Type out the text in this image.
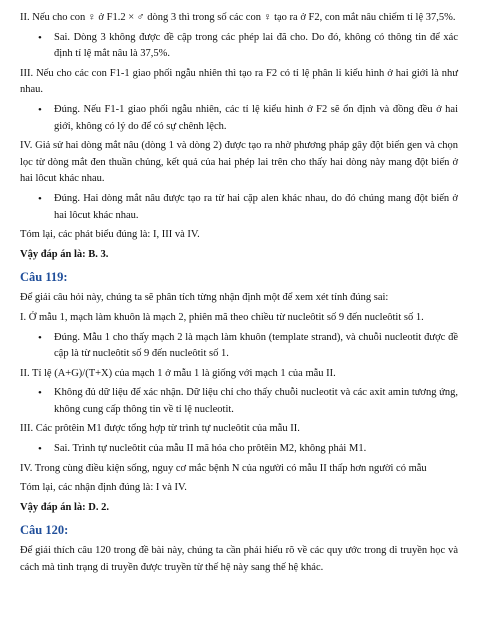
II. Nếu cho con ♀ ở F1.2 × ♂ dòng 3 thì trong số các con ♀ tạo ra ở F2, con mắt nâu chiếm tỉ lệ 37,5%.

• Sai. Dòng 3 không được đề cập trong các phép lai đã cho. Do đó, không có thông tin để xác định tỉ lệ mắt nâu là 37,5%.

III. Nếu cho các con F1-1 giao phối ngẫu nhiên thì tạo ra F2 có tỉ lệ phân li kiểu hình ở hai giới là như nhau.

• Đúng. Nếu F1-1 giao phối ngẫu nhiên, các tỉ lệ kiểu hình ở F2 sẽ ổn định và đồng đều ở hai giới, không có lý do để có sự chênh lệch.

IV. Giả sử hai dòng mắt nâu (dòng 1 và dòng 2) được tạo ra nhờ phương pháp gây đột biến gen và chọn lọc từ dòng mắt đen thuần chủng, kết quả của hai phép lai trên cho thấy hai dòng này mang đột biến ở hai lôcut khác nhau.

• Đúng. Hai dòng mắt nâu được tạo ra từ hai cặp alen khác nhau, do đó chúng mang đột biến ở hai lôcut khác nhau.

Tóm lại, các phát biểu đúng là: I, III và IV.

Vậy đáp án là: B. 3.

Câu 119:

Để giải câu hỏi này, chúng ta sẽ phân tích từng nhận định một để xem xét tính đúng sai:

I. Ở mẫu 1, mạch làm khuôn là mạch 2, phiên mã theo chiều từ nucleôtit số 9 đến nucleôtit số 1.

• Đúng. Mẫu 1 cho thấy mạch 2 là mạch làm khuôn (template strand), và chuỗi nucleotit được đề cập là từ nucleôtit số 9 đến nucleôtit số 1.

II. Tỉ lệ (A+G)/(T+X) của mạch 1 ở mẫu 1 là giống với mạch 1 của mẫu II.

• Không đủ dữ liệu để xác nhận. Dữ liệu chỉ cho thấy chuỗi nucleotit và các axit amin tương ứng, không cung cấp thông tin về tỉ lệ nucleotit.

III. Các prôtêin M1 được tổng hợp từ trình tự nucleôtit của mẫu II.

• Sai. Trình tự nucleôtit của mẫu II mã hóa cho prôtêin M2, không phải M1.

IV. Trong cùng điều kiện sống, nguy cơ mắc bệnh N của người có mẫu II thấp hơn người có mẫu

Tóm lại, các nhận định đúng là: I và IV.

Vậy đáp án là: D. 2.

Câu 120:

Để giải thích câu 120 trong đề bài này, chúng ta cần phải hiểu rõ về các quy ước trong di truyền học và cách mà tình trạng di truyền được truyền từ thế hệ này sang thế hệ khác.
